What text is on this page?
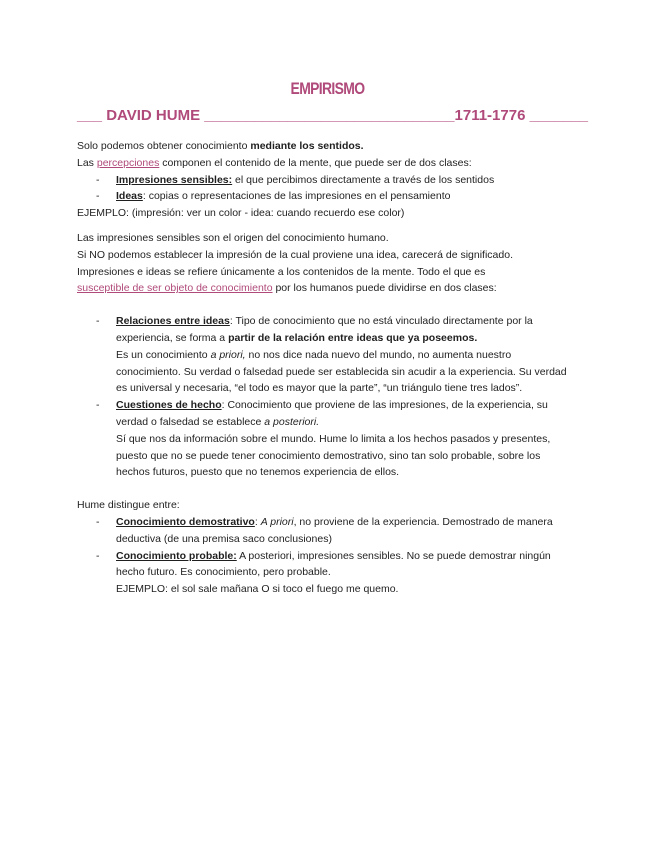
EMPIRISMO
___ DAVID HUME ______________________________1711-1776 _______

Solo podemos obtener conocimiento mediante los sentidos.

Las percepciones componen el contenido de la mente, que puede ser de dos clases:

- Impresiones sensibles: el que percibimos directamente a través de los sentidos
- Ideas: copias o representaciones de las impresiones en el pensamiento

EJEMPLO: (impresión: ver un color - idea: cuando recuerdo ese color)

Las impresiones sensibles son el origen del conocimiento humano.

Si NO podemos establecer la impresión de la cual proviene una idea, carecerá de significado.

Impresiones e ideas se refiere únicamente a los contenidos de la mente. Todo el que es

susceptible de ser objeto de conocimiento por los humanos puede dividirse en dos clases:

- Relaciones entre ideas: Tipo de conocimiento que no está vinculado directamente por la experiencia, se forma a partir de la relación entre ideas que ya poseemos.

Es un conocimiento a priori, no nos dice nada nuevo del mundo, no aumenta nuestro conocimiento. Su verdad o falsedad puede ser establecida sin acudir a la experiencia. Su verdad es universal y necesaria, “el todo es mayor que la parte”, “un triángulo tiene tres lados”.

- Cuestiones de hecho: Conocimiento que proviene de las impresiones, de la experiencia, su verdad o falsedad se establece a posteriori.

Sí que nos da información sobre el mundo. Hume lo limita a los hechos pasados y presentes, puesto que no se puede tener conocimiento demostrativo, sino tan solo probable, sobre los hechos futuros, puesto que no tenemos experiencia de ellos.

Hume distingue entre:

- Conocimiento demostrativo: A priori, no proviene de la experiencia. Demostrado de manera deductiva (de una premisa saco conclusiones)

- Conocimiento probable: A posteriori, impresiones sensibles. No se puede demostrar ningún hecho futuro. Es conocimiento, pero probable.

EJEMPLO: el sol sale mañana O si toco el fuego me quemo.
